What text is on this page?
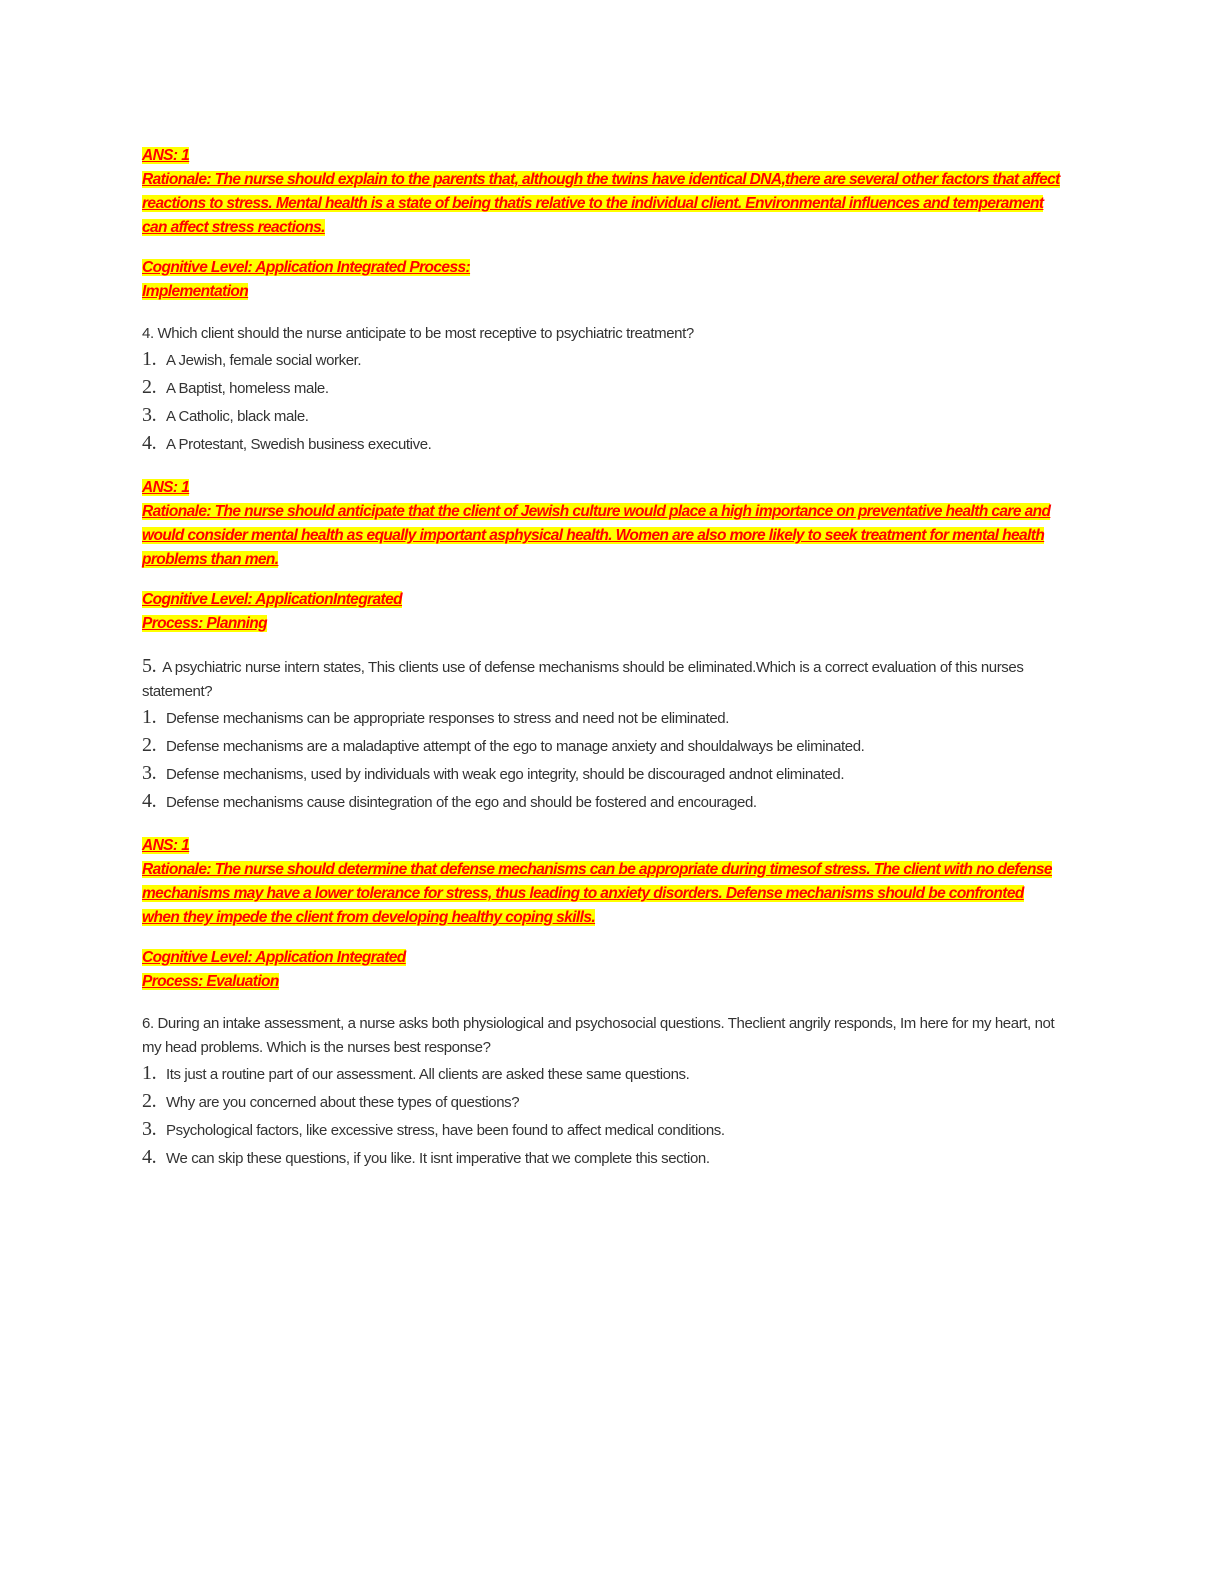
ANS: 1
Rationale: The nurse should explain to the parents that, although the twins have identical DNA,there are several other factors that affect reactions to stress. Mental health is a state of being thatis relative to the individual client. Environmental influences and temperament can affect stress reactions.

Cognitive Level: Application Integrated Process:
Implementation

4. Which client should the nurse anticipate to be most receptive to psychiatric treatment?

1. A Jewish, female social worker.

2. A Baptist, homeless male.

3. A Catholic, black male.

4. A Protestant, Swedish business executive.

ANS: 1
Rationale: The nurse should anticipate that the client of Jewish culture would place a high importance on preventative health care and would consider mental health as equally important asphysical health. Women are also more likely to seek treatment for mental health problems than men.

Cognitive Level: ApplicationIntegrated
Process: Planning

5. A psychiatric nurse intern states, This clients use of defense mechanisms should be eliminated.Which is a correct evaluation of this nurses statement?

1. Defense mechanisms can be appropriate responses to stress and need not be eliminated.

2. Defense mechanisms are a maladaptive attempt of the ego to manage anxiety and shouldalways be eliminated.

3. Defense mechanisms, used by individuals with weak ego integrity, should be discouraged andnot eliminated.

4. Defense mechanisms cause disintegration of the ego and should be fostered and encouraged.

ANS: 1
Rationale: The nurse should determine that defense mechanisms can be appropriate during timesof stress. The client with no defense mechanisms may have a lower tolerance for stress, thus leading to anxiety disorders. Defense mechanisms should be confronted when they impede the client from developing healthy coping skills.

Cognitive Level: Application Integrated
Process: Evaluation

6. During an intake assessment, a nurse asks both physiological and psychosocial questions. Theclient angrily responds, Im here for my heart, not my head problems. Which is the nurses best response?

1. Its just a routine part of our assessment. All clients are asked these same questions.

2. Why are you concerned about these types of questions?

3. Psychological factors, like excessive stress, have been found to affect medical conditions.

4. We can skip these questions, if you like. It isnt imperative that we complete this section.
